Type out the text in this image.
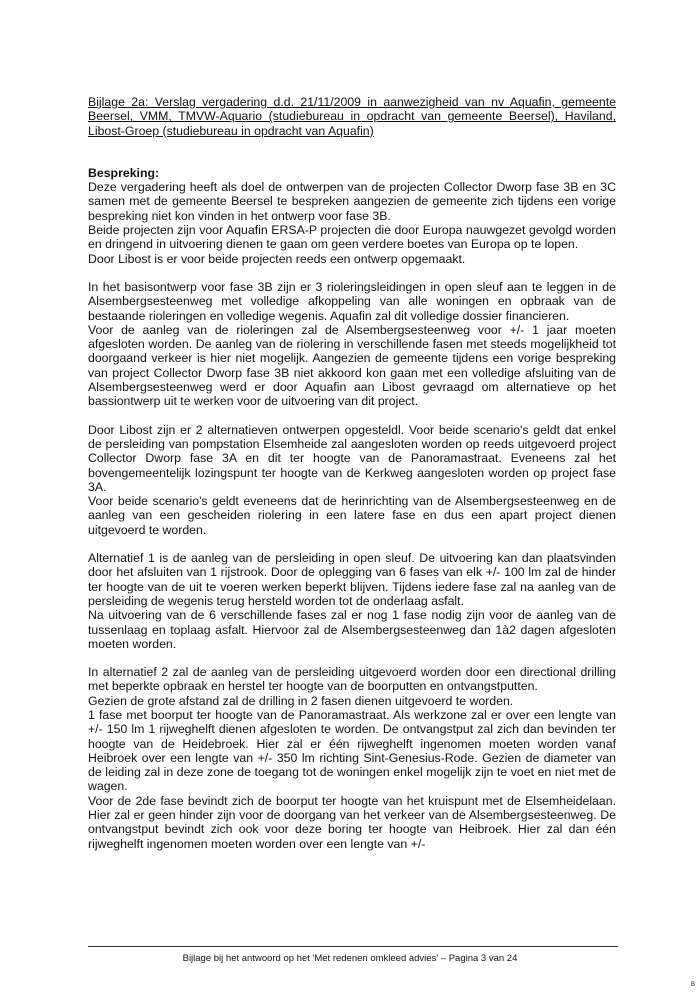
Bijlage 2a: Verslag vergadering d.d. 21/11/2009 in aanwezigheid van nv Aquafin, gemeente Beersel, VMM, TMVW-Aquario (studiebureau in opdracht van gemeente Beersel), Haviland, Libost-Groep (studiebureau in opdracht van Aquafin)

Bespreking:

Deze vergadering heeft als doel de ontwerpen van de projecten Collector Dworp fase 3B en 3C samen met de gemeente Beersel te bespreken aangezien de gemeente zich tijdens een vorige bespreking niet kon vinden in het ontwerp voor fase 3B.

Beide projecten zijn voor Aquafin ERSA-P projecten die door Europa nauwgezet gevolgd worden en dringend in uitvoering dienen te gaan om geen verdere boetes van Europa op te lopen.

Door Libost is er voor beide projecten reeds een ontwerp opgemaakt.

In het basisontwerp voor fase 3B zijn er 3 rioleringsleidingen in open sleuf aan te leggen in de Alsembergsesteenweg met volledige afkoppeling van alle woningen en opbraak van de bestaande rioleringen en volledige wegenis. Aquafin zal dit volledige dossier financieren.

Voor de aanleg van de rioleringen zal de Alsembergsesteenweg voor +/- 1 jaar moeten afgesloten worden. De aanleg van de riolering in verschillende fasen met steeds mogelijkheid tot doorgaand verkeer is hier niet mogelijk. Aangezien de gemeente tijdens een vorige bespreking van project Collector Dworp fase 3B niet akkoord kon gaan met een volledige afsluiting van de Alsembergsesteenweg werd er door Aquafin aan Libost gevraagd om alternatieve op het bassiontwerp uit te werken voor de uitvoering van dit project.

Door Libost zijn er 2 alternatieven ontwerpen opgesteldl. Voor beide scenario's geldt dat enkel de persleiding van pompstation Elsemheide zal aangesloten worden op reeds uitgevoerd project Collector Dworp fase 3A en dit ter hoogte van de Panoramastraat. Eveneens zal het bovengemeentelijk lozingspunt ter hoogte van de Kerkweg aangesloten worden op project fase 3A.

Voor beide scenario's geldt eveneens dat de herinrichting van de Alsembergsesteenweg en de aanleg van een gescheiden riolering in een latere fase en dus een apart project dienen uitgevoerd te worden.

Alternatief 1 is de aanleg van de persleiding in open sleuf. De uitvoering kan dan plaatsvinden door het afsluiten van 1 rijstrook. Door de oplegging van 6 fases van elk +/- 100 lm zal de hinder ter hoogte van de uit te voeren werken beperkt blijven. Tijdens iedere fase zal na aanleg van de persleiding de wegenis terug hersteld worden tot de onderlaag asfalt.

Na uitvoering van de 6 verschillende fases zal er nog 1 fase nodig zijn voor de aanleg van de tussenlaag en toplaag asfalt. Hiervoor zal de Alsembergsesteenweg dan 1à2 dagen afgesloten moeten worden.

In alternatief 2 zal de aanleg van de persleiding uitgevoerd worden door een directional drilling met beperkte opbraak en herstel ter hoogte van de boorputten en ontvangstputten.

Gezien de grote afstand zal de drilling in 2 fasen dienen uitgevoerd te worden.

1 fase met boorput ter hoogte van de Panoramastraat. Als werkzone zal er over een lengte van +/- 150 lm 1 rijweghelft dienen afgesloten te worden. De ontvangstput zal zich dan bevinden ter hoogte van de Heidebroek. Hier zal er één rijweghelft ingenomen moeten worden vanaf Heibroek over een lengte van +/- 350 lm richting Sint-Genesius-Rode. Gezien de diameter van de leiding zal in deze zone de toegang tot de woningen enkel mogelijk zijn te voet en niet met de wagen.

Voor de 2de fase bevindt zich de boorput ter hoogte van het kruispunt met de Elsemheidelaan. Hier zal er geen hinder zijn voor de doorgang van het verkeer van de Alsembergsesteenweg. De ontvangstput bevindt zich ook voor deze boring ter hoogte van Heibroek. Hier zal dan één rijweghelft ingenomen moeten worden over een lengte van +/-

Bijlage bij het antwoord op het 'Met redenen omkleed advies' – Pagina 3 van 24
B
